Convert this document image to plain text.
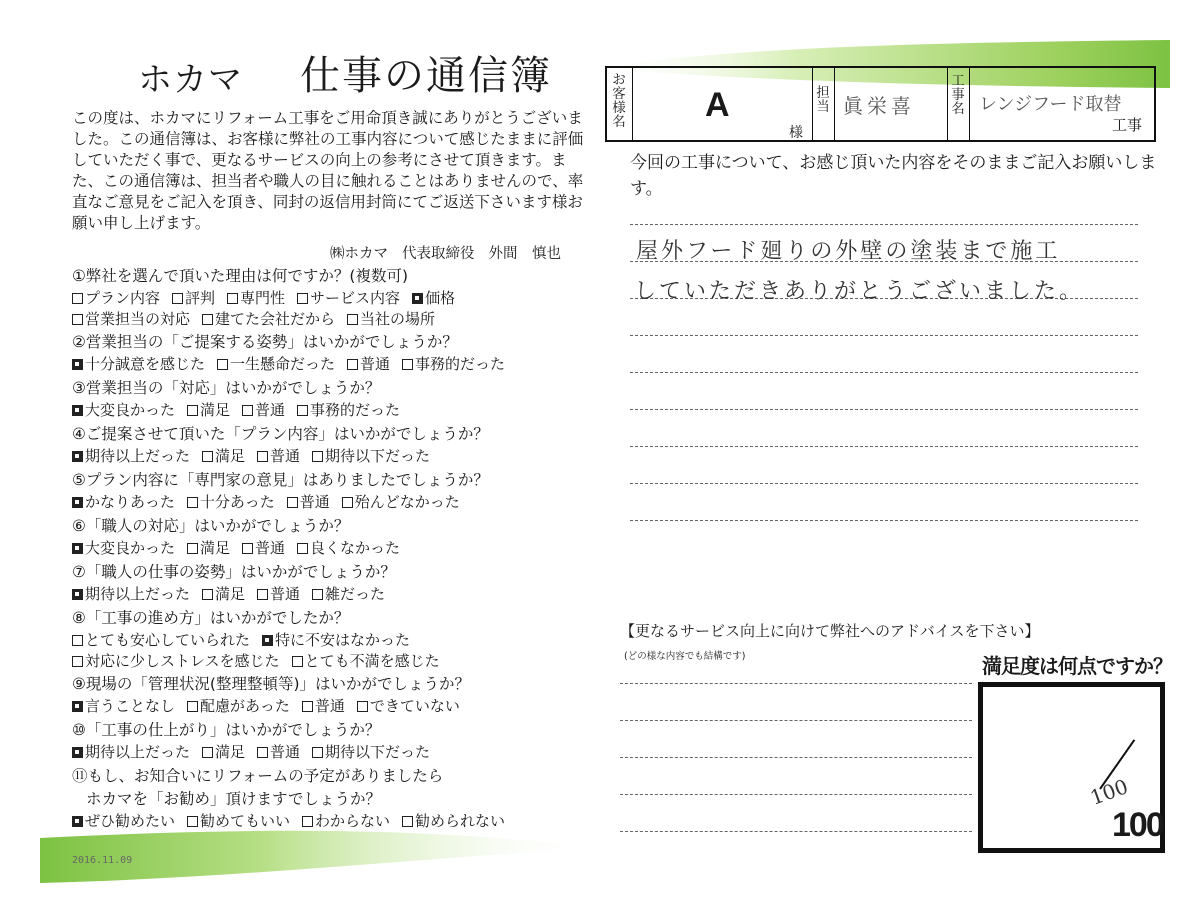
ホカマ 仕事の通信簿
この度は、ホカマにリフォーム工事をご用命頂き誠にありがとうございました。この通信簿は、お客様に弊社の工事内容について感じたままに評価していただく事で、更なるサービスの向上の参考にさせて頂きます。また、この通信簿は、担当者や職人の目に触れることはありませんので、率直なご意見をご記入を頂き、同封の返信用封筒にてご返送下さいます様お願い申し上げます。
㈱ホカマ 代表取締役 外間　慎也
①弊社を選んで頂いた理由は何ですか？(複数可)
プラン内容 評判 専門性 サービス内容 価格
営業担当の対応 建てた会社だから 当社の場所
②営業担当の「ご提案する姿勢」はいかがでしょうか？
十分誠意を感じた 一生懸命だった 普通 事務的だった
③営業担当の「対応」はいかがでしょうか？
大変良かった 満足 普通 事務的だった
④ご提案させて頂いた「プラン内容」はいかがでしょうか？
期待以上だった 満足 普通 期待以下だった
⑤プラン内容に「専門家の意見」はありましたでしょうか？
かなりあった 十分あった 普通 殆んどなかった
⑥「職人の対応」はいかがでしょうか？
大変良かった 満足 普通 良くなかった
⑦「職人の仕事の姿勢」はいかがでしょうか？
期待以上だった 満足 普通 雑だった
⑧「工事の進め方」はいかがでしたか？
とても安心していられた 特に不安はなかった
対応に少しストレスを感じた とても不満を感じた
⑨現場の「管理状況(整理整頓等)」はいかがでしょうか？
言うことなし 配慮があった 普通 できていない
⑩「工事の仕上がり」はいかがでしょうか？
期待以上だった 満足 普通 期待以下だった
⑪もし、お知合いにリフォームの予定がありましたら
ホカマを「お勧め」頂けますでしょうか？
ぜひ勧めたい 勧めてもいい わからない 勧められない
お
客
様
名 A
様
担
当 眞栄喜
工
事
名 レンジフード取替
工事
今回の工事について、お感じ頂いた内容をそのままご記入お願いします。
屋外フード廻りの外壁の塗装まで施工
していただきありがとうございました。
【更なるサービス向上に向けて弊社へのアドバイスを下さい】
(どの様な内容でも結構です)	満足度は何点ですか？
100
100
2016.11.09
